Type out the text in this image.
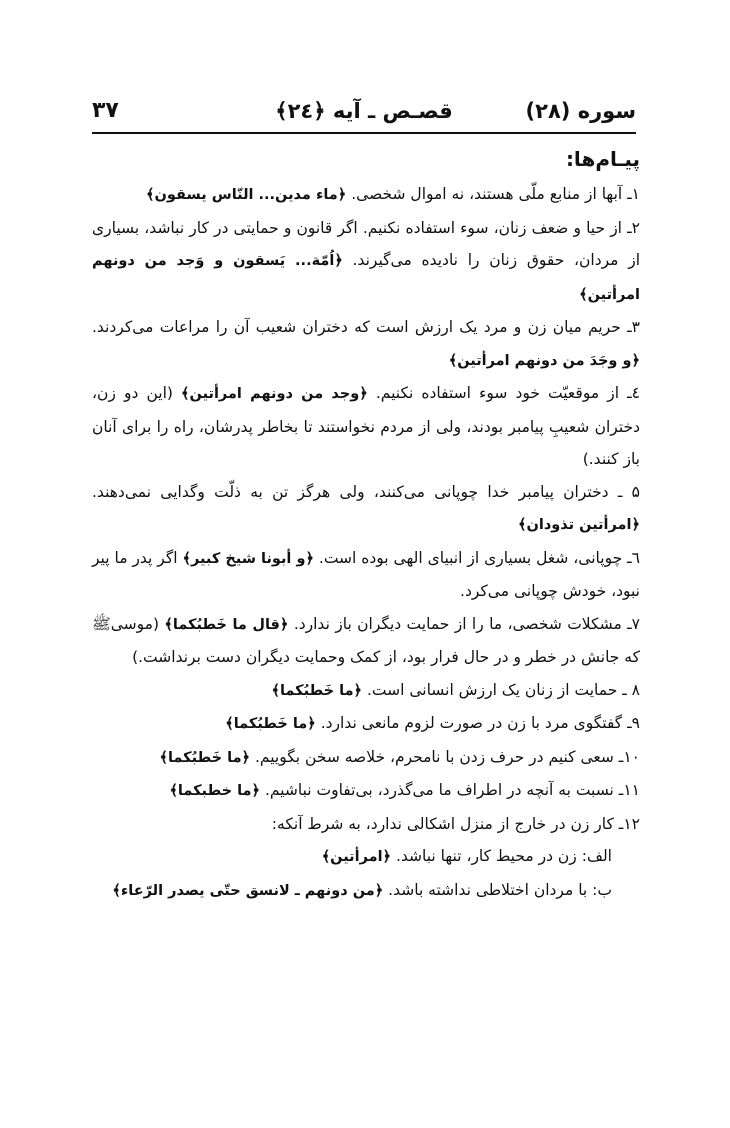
سوره (۲۸)
قصـص ـ آیه ﴿۲٤﴾
۳۷
پیـام‌ها:
۱ـ آبها از منابع ملّی هستند، نه اموال شخصی. ﴿ماء مدین... النّاس یسقون﴾
۲ـ از حیا و ضعف زنان، سوء استفاده نکنیم. اگر قانون و حمایتی در کار نباشد، بسیاری از مردان، حقوق زنان را نادیده می‌گیرند. ﴿اُمّة... یَسقون و وَجد من دونهم امرأتین﴾
۳ـ حریم میان زن و مرد یک ارزش است که دختران شعیب آن را مراعات می‌کردند. ﴿و وجَدَ من دونهم امرأتین﴾
٤ـ از موقعیّت خود سوء استفاده نکنیم. ﴿وجد من دونهم امرأتین﴾ (این دو زن، دختران شعیبِ پیامبر بودند، ولی از مردم نخواستند تا بخاطر پدرشان، راه را برای آنان باز کنند.)
۵ ـ دختران پیامبر خدا چوپانی می‌کنند، ولی هرگز تن به ذلّت وگدایی نمی‌دهند. ﴿امرأتین تذودان﴾
٦ـ چوپانی، شغل بسیاری از انبیای الهی بوده است. ﴿و أبونا شیخ کبیر﴾ اگر پدر ما پیر نبود، خودش چوپانی می‌کرد.
۷ـ مشکلات شخصی، ما را از حمایت دیگران باز ندارد. ﴿قال ما خَطبُکما﴾ (موسیﷺ که جانش در خطر و در حال فرار بود، از کمک وحمایت دیگران دست برنداشت.)
۸ ـ حمایت از زنان یک ارزش انسانی است. ﴿ما خَطبُکما﴾
۹ـ گفتگوی مرد با زن در صورت لزوم مانعی ندارد. ﴿ما خَطبُکما﴾
۱۰ـ سعی کنیم در حرف زدن با نامحرم، خلاصه سخن بگوییم. ﴿ما خَطبُکما﴾
۱۱ـ نسبت به آنچه در اطراف ما می‌گذرد، بی‌تفاوت نباشیم. ﴿ما خطبکما﴾
۱۲ـ کار زن در خارج از منزل اشکالی ندارد، به شرط آنکه:
الف: زن در محیط کار، تنها نباشد. ﴿امرأتین﴾
ب: با مردان اختلاطی نداشته باشد. ﴿من دونهم ـ لانسق حتّی یصدر الرّعاء﴾
